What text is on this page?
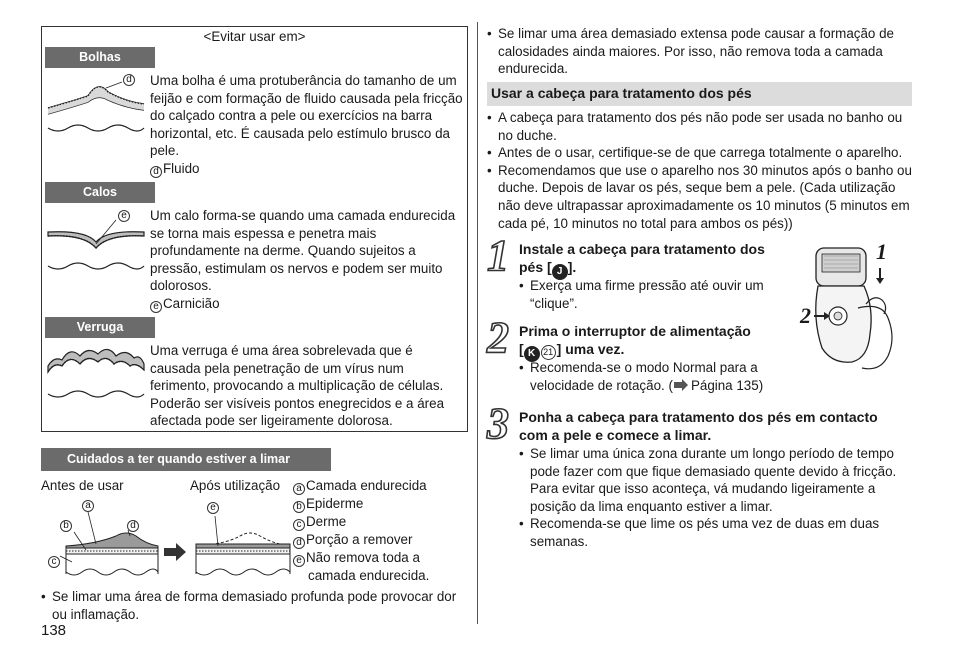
<Evitar usar em>
Bolhas
d Uma bolha é uma protuberância do tamanho de um
feijão e com formação de fluido causada pela fricção
do calçado contra a pele ou exercícios na barra
horizontal, etc. É causada pelo estímulo brusco da
pele.
d Fluido
Calos
e Um calo forma-se quando uma camada endurecida
se torna mais espessa e penetra mais
profundamente na derme. Quando sujeitos a
pressão, estimulam os nervos e podem ser muito
dolorosos.
e Carnicião
Verruga
Uma verruga é uma área sobrelevada que é
causada pela penetração de um vírus num
ferimento, provocando a multiplicação de células.
Poderão ser visíveis pontos enegrecidos e a área
afectada pode ser ligeiramente dolorosa.
Cuidados a ter quando estiver a limar
Antes de usar	Após utilização
a
b	d
c
e
a Camada endurecida
b Epiderme
c Derme
d Porção a remover
e Não remova toda a
camada endurecida.
• Se limar uma área de forma demasiado profunda pode provocar dor
ou inflamação.
138
• Se limar uma área demasiado extensa pode causar a formação de
calosidades ainda maiores. Por isso, não remova toda a camada
endurecida.
Usar a cabeça para tratamento dos pés
• A cabeça para tratamento dos pés não pode ser usada no banho ou
no duche.
• Antes de o usar, certifique-se de que carrega totalmente o aparelho.
• Recomendamos que use o aparelho nos 30 minutos após o banho ou
duche. Depois de lavar os pés, seque bem a pele. (Cada utilização
não deve ultrapassar aproximadamente os 10 minutos (5 minutos em
cada pé, 10 minutos no total para ambos os pés))
1 Instale a cabeça para tratamento dos
pés [ J ].
• Exerça uma firme pressão até ouvir um
“clique”.
1
2
2 Prima o interruptor de alimentação
[ K 21 ] uma vez.
• Recomenda-se o modo Normal para a
velocidade de rotação. ( Página 135)
3 Ponha a cabeça para tratamento dos pés em contacto
com a pele e comece a limar.
• Se limar uma única zona durante um longo período de tempo
pode fazer com que fique demasiado quente devido à fricção.
Para evitar que isso aconteça, vá mudando ligeiramente a
posição da lima enquanto estiver a limar.
• Recomenda-se que lime os pés uma vez de duas em duas
semanas.
